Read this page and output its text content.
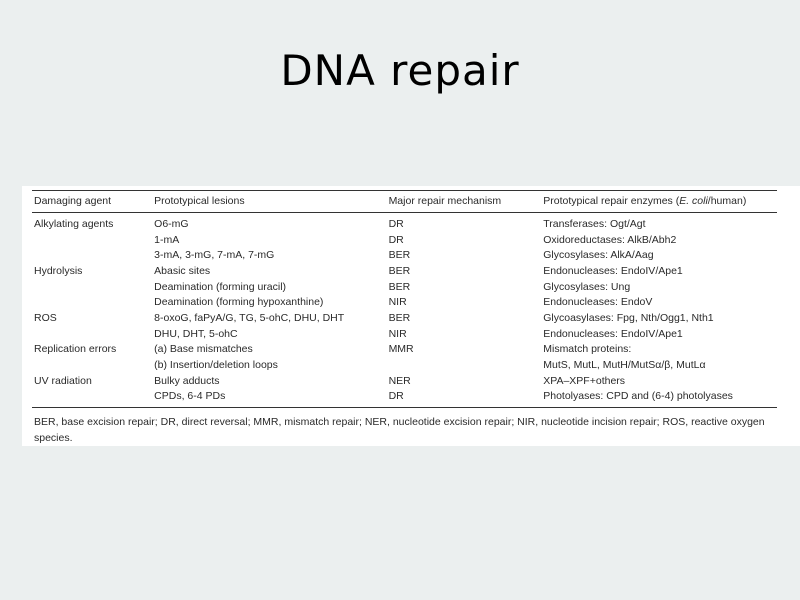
DNA repair
Damaging agent	Prototypical lesions	Major repair mechanism	Prototypical repair enzymes (E. coli/human)
Alkylating agents	O6-mG	DR	Transferases: Ogt/Agt
	1-mA	DR	Oxidoreductases: AlkB/Abh2
	3-mA, 3-mG, 7-mA, 7-mG	BER	Glycosylases: AlkA/Aag
Hydrolysis	Abasic sites	BER	Endonucleases: EndoIV/Ape1
	Deamination (forming uracil)	BER	Glycosylases: Ung
	Deamination (forming hypoxanthine)	NIR	Endonucleases: EndoV
ROS	8-oxoG, faPyA/G, TG, 5-ohC, DHU, DHT	BER	Glycoasylases: Fpg, Nth/Ogg1, Nth1
	DHU, DHT, 5-ohC	NIR	Endonucleases: EndoIV/Ape1
Replication errors	(a) Base mismatches	MMR	Mismatch proteins:
	(b) Insertion/deletion loops		MutS, MutL, MutH/MutSα/β, MutLα
UV radiation	Bulky adducts	NER	XPA–XPF+others
	CPDs, 6-4 PDs	DR	Photolyases: CPD and (6-4) photolyases
BER, base excision repair; DR, direct reversal; MMR, mismatch repair; NER, nucleotide excision repair; NIR, nucleotide incision repair; ROS, reactive oxygen species.
